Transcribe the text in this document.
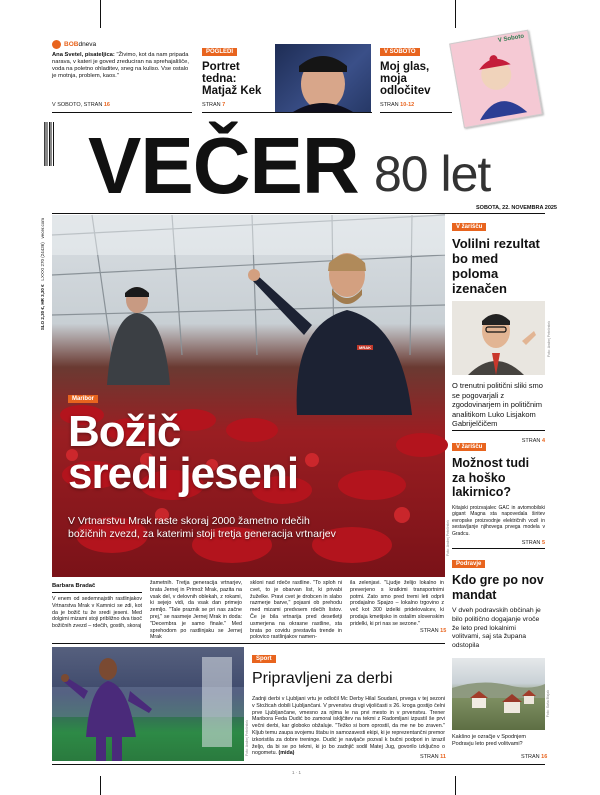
BOBdneva
Ana Svetel, pisateljica: "Živimo, kot da nam pripada narava, v kateri je goved zreduciran na sprehajališče, voda na poletno ohladitev, sneg na kuliso. Vse ostalo je motnja, problem, kaos."
V SOBOTO, STRAN 16
POGLEDI
Portret tedna: Matjaž Kek
STRAN 7
V SOBOTO
Moj glas, moja odločitev
STRAN 10-12
V Soboto
SLO 2,30 €, HR 3,30 €   LXXXI 270 (24436)   vecer.com
VEČER 80 let
SOBOTA, 22. NOVEMBRA 2025
MRAK
Maribor
Božič
sredi jeseni
V Vrtnarstvu Mrak raste skoraj 2000 žametno rdečih božičnih zvezd, za katerimi stoji tretja generacija vrtnarjev	Foto: Andrej Petelinšek
Barbara Bradač
V enem od sedemnajstih rastlinjakov Vrtnarstva Mrak v Kamnici se zdi, kot da je božič tu že sredi jeseni. Med dolgimi mizami stoji približno dva tisoč božičnih zvezd – rdečih, gostih, skoraj
žametnih. Tretja generacija vrtnarjev, brata Jernej in Primož Mrak, pazita na vsak del, v delovnih oblekah, z rokami, ki sejejo vidi, da vsak dan primejo zemljo. "Tale praznik se pri nas začne prej," se nasmeje Jernej Mrak in doda: "Decembra je samo finale." Med sprehodom po rastlinjaku se Jernej Mrak
skloni nad rdeče rastline. "To sploh ni cvet, to je obarvan list, ki privabi žuželke. Pravi cvet je drobcen in slabo razmerje barve," pojasni ob prehodu med mizami predvsem rdečih listov. Če je bila vrtnarija pred desetletji usmerjena na okrasne rastline, sta brata po covidu prestavila trende in polovico rastlinjakov namen-
ila zelenjavi. "Ljudje želijo lokalno in preverjeno s kratkimi transportnimi potmi. Zato smo pred tremi leti odprli prodajalno Spajzo – lokalno trgovino z več kot 300 izdelki pridelovalcev, ki prodaja kmetijsko in ostalim slovenskim pridelki, ki pri nas se sezone."
STRAN 15
V žarišču
Volilni rezultat bo med poloma izenačen
Foto: Andrej Petelinšek
O trenutni politični sliki smo se pogovarjali z zgodovinarjem in političnim analitikom Luko Lisjakom Gabrijelčičem
STRAN 4
V žarišču
Možnost tudi za hoško lakirnico?
Kitajski proizvajalec GAC in avtomobilski gigant Magna sta napovedala širitev evropske proizvodnje električnih vozil in sestavljanje njihovega prvega modela v Gradcu.
STRAN 5
Podravje
Kdo gre po nov mandat
V dveh podravskih občinah je bilo politično dogajanje vroče že leto pred lokalnimi volitvami, saj sta župana odstopila
Foto: Saša Bizjak
Kakšno je ozračje v Spodnjem Podravju leto pred volitvami?
STRAN 16
Foto: Andrej Petelinšek
Šport
Pripravljeni za derbi
Zadnji derbi v Ljubljani vrtu je odločil Mc Derby Hilal Soudani, prvega v tej sezoni v Stožicah dobili Ljubljančani. V prvenstvu drugi vijoličasti s 26. kroga gostijo čelni prve Ljubljančane, vmesno za njima le na prvi mesto in v prvenstvu. Trener Maribora Feda Dudić bo zamoral iskljčitev na tekmi z Radomljani izpustil še prvi večni derbi, kar globoko obžaluje. "Težko si bom oprostil, da me ne bo zraven." Kljub temu zaupa svojemu štabu in samozavesti ekipi, ki je reprezentančni premor izkoristila za dobre treninge. Dudić je navijače pozval k bučni podpori in izrazil željo, da bi se po tekmi, ki jo bo zadnjič sodil Matej Jug, govorilo izključno o nogometu. (mida)
STRAN 11
1 · 1
